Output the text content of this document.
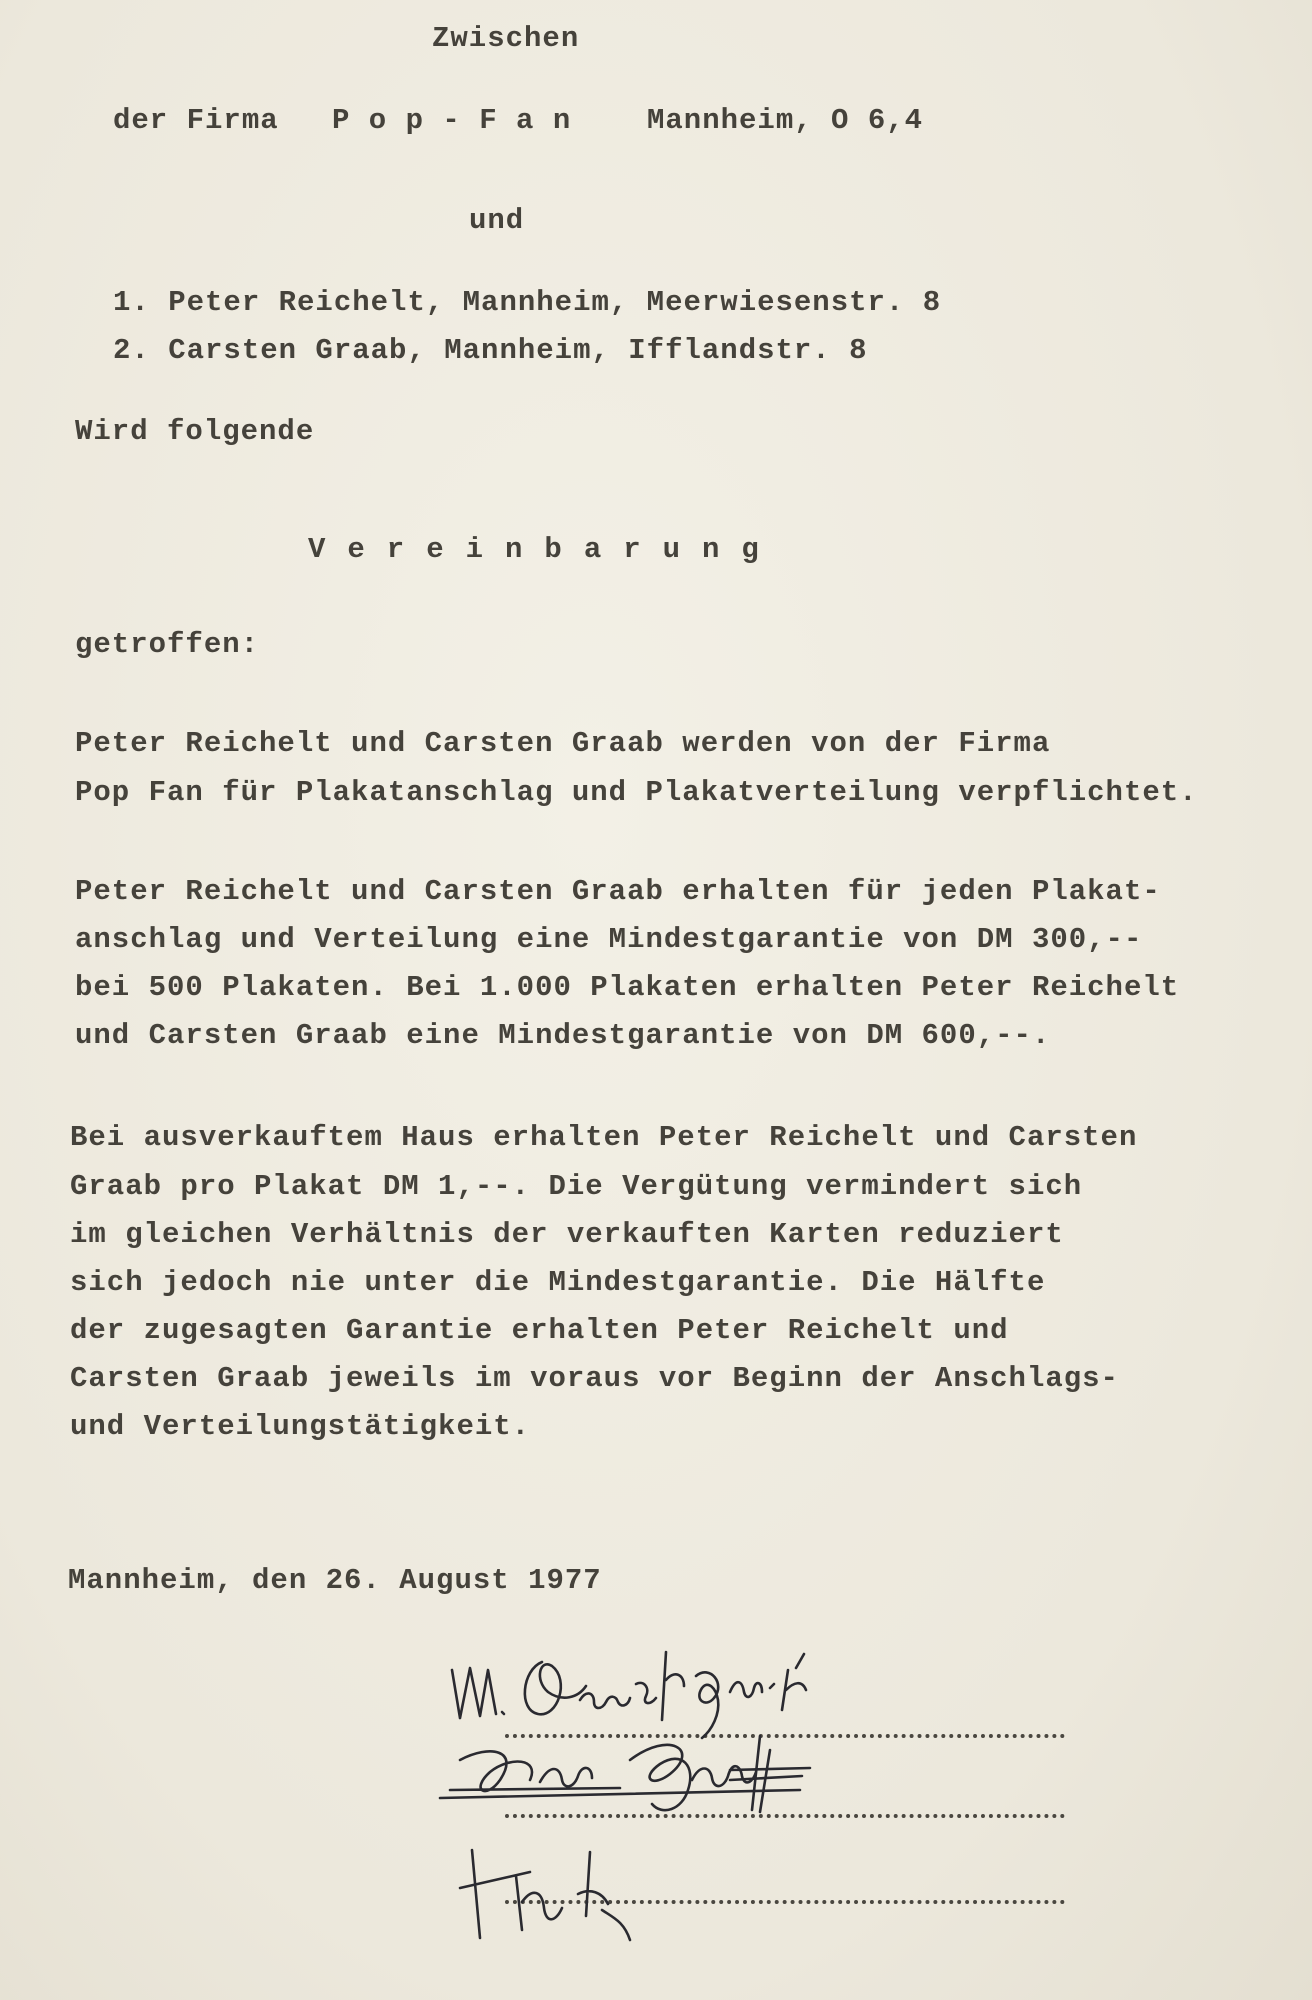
Zwischen
der Firma P o p - F a n	Mannheim, O 6,4
und
1. Peter Reichelt, Mannheim, Meerwiesenstr. 8
2. Carsten Graab, Mannheim, Ifflandstr. 8
Wird folgende
Vereinbarung
getroffen:
Peter Reichelt und Carsten Graab werden von der Firma
Pop Fan für Plakatanschlag und Plakatverteilung verpflichtet.
Peter Reichelt und Carsten Graab erhalten für jeden Plakat-
anschlag und Verteilung eine Mindestgarantie von DM 300,--
bei 500 Plakaten. Bei 1.000 Plakaten erhalten Peter Reichelt
und Carsten Graab eine Mindestgarantie von DM 600,--.
Bei ausverkauftem Haus erhalten Peter Reichelt und Carsten
Graab pro Plakat DM 1,--. Die Vergütung vermindert sich
im gleichen Verhältnis der verkauften Karten reduziert
sich jedoch nie unter die Mindestgarantie. Die Hälfte
der zugesagten Garantie erhalten Peter Reichelt und
Carsten Graab jeweils im voraus vor Beginn der Anschlags-
und Verteilungstätigkeit.
Mannheim, den 26. August 1977
